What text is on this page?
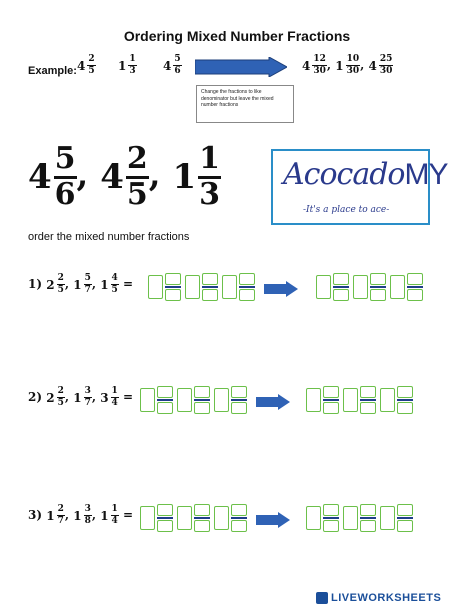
Ordering Mixed Number Fractions
Example: $4 \frac{2}{5} 1 \frac{1}{3} 4 \frac{5}{6}$
Change the fractions to like denominator but leave the mixed number fractions
$4 \frac{12}{30}$ , $1 \frac{10}{30}$ , $4 \frac{25}{30}$
$4 \frac{5}{6}$ , $4 \frac{2}{5}$ , $1 \frac{1}{3}$ AcocadoMY
-It's a place to ace-
order the mixed number fractions
1) $2 \frac{2}{5}$ , $1 \frac{5}{7}$ , $1 \frac{4}{5}$ =
2) $2 \frac{2}{5}$ , $1 \frac{3}{7}$ , $3 \frac{1}{4}$ =
3) $1 \frac{2}{7}$ , $1 \frac{3}{8}$ , $1 \frac{1}{4}$ =
LIVEWORKSHEETS
